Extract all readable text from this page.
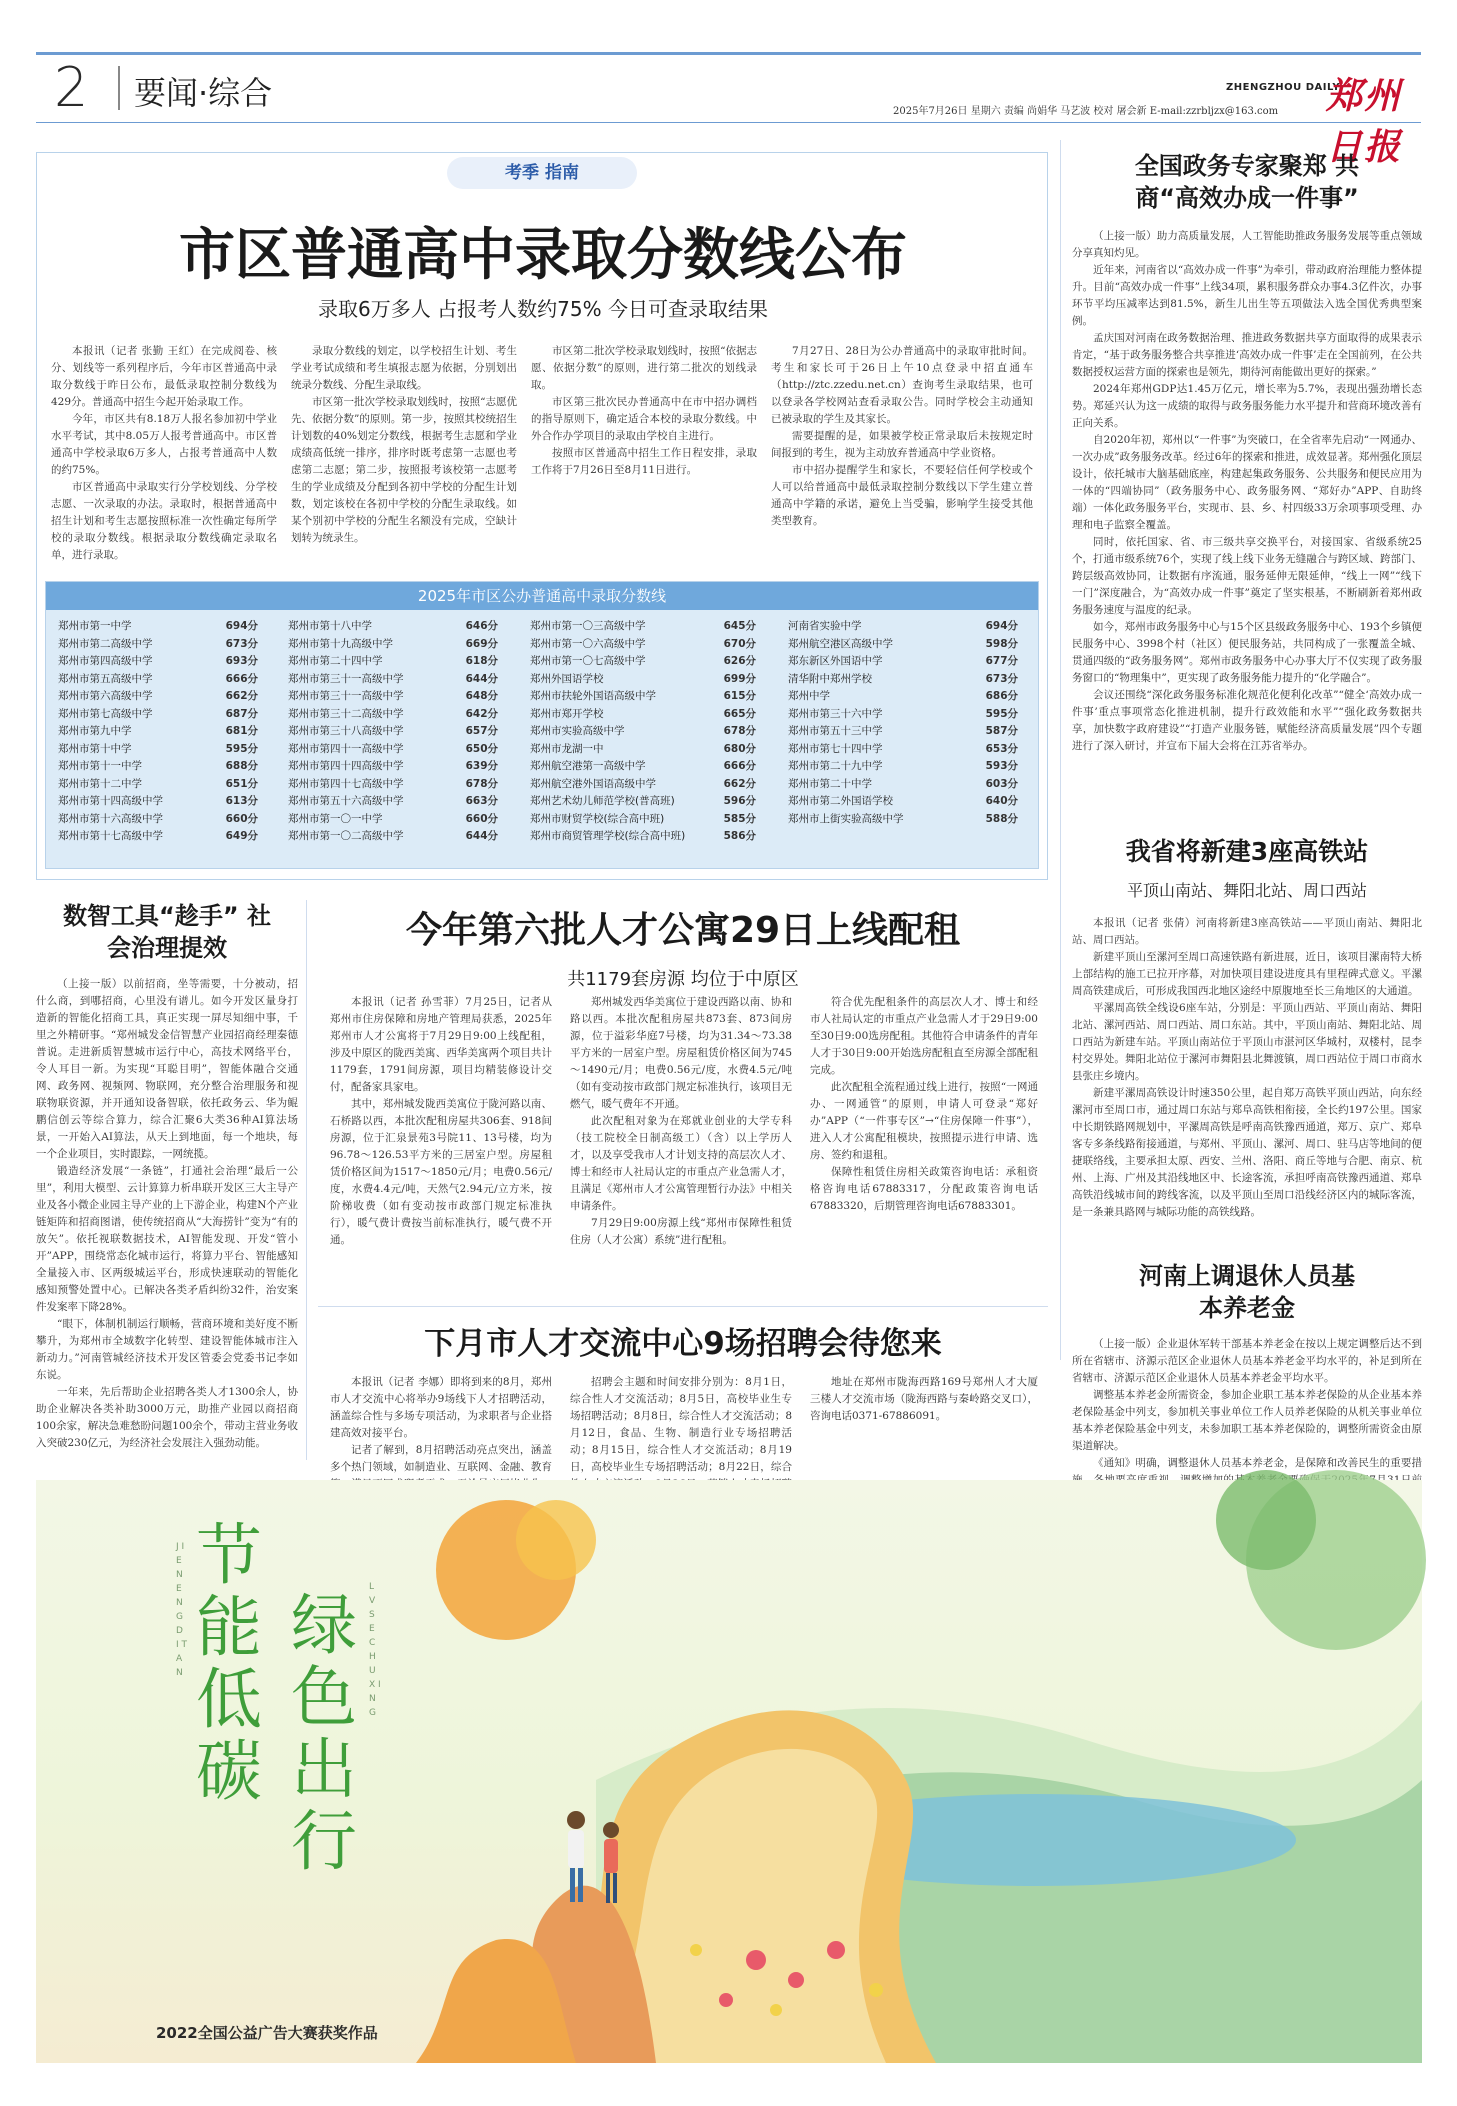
2 要闻·综合	2025年7月26日 星期六 责编 尚娟华 马艺波 校对 屠会新 E-mail:zzrbljzx@163.com
ZHENGZHOU DAILY
郑州日报
考季 指南
市区普通高中录取分数线公布
录取6万多人 占报考人数约75% 今日可查录取结果

本报讯（记者 张勤 王红）在完成阅卷、核分、划线等一系列程序后，今年市区普通高中录取分数线于昨日公布，最低录取控制分数线为429分。普通高中招生今起开始录取工作。

今年，市区共有8.18万人报名参加初中学业水平考试，其中8.05万人报考普通高中。市区普通高中学校录取6万多人，占报考普通高中人数的约75%。

市区普通高中录取实行分学校划线、分学校志愿、一次录取的办法。录取时，根据普通高中招生计划和考生志愿按照标准一次性确定每所学校的录取分数线。根据录取分数线确定录取名单，进行录取。

录取分数线的划定，以学校招生计划、考生学业考试成绩和考生填报志愿为依据，分别划出统录分数线、分配生录取线。

市区第一批次学校录取划线时，按照“志愿优先、依据分数”的原则。第一步，按照其校统招生计划数的40%划定分数线，根据考生志愿和学业成绩高低统一排序，排序时既考虑第一志愿也考虑第二志愿；第二步，按照报考该校第一志愿考生的学业成绩及分配到各初中学校的分配生计划数，划定该校在各初中学校的分配生录取线。如某个别初中学校的分配生名额没有完成，空缺计划转为统录生。

市区第二批次学校录取划线时，按照“依据志愿、依据分数”的原则，进行第二批次的划线录取。

市区第三批次民办普通高中在市中招办调档的指导原则下，确定适合本校的录取分数线。中外合作办学项目的录取由学校自主进行。

按照市区普通高中招生工作日程安排，录取工作将于7月26日至8月11日进行。

7月27日、28日为公办普通高中的录取审批时间。考生和家长可于26日上午10点登录中招直通车（http://ztc.zzedu.net.cn）查询考生录取结果，也可以登录各学校网站查看录取公告。同时学校会主动通知已被录取的学生及其家长。

需要提醒的是，如果被学校正常录取后未按规定时间报到的考生，视为主动放弃普通高中学业资格。

市中招办提醒学生和家长，不要轻信任何学校或个人可以给普通高中最低录取控制分数线以下学生建立普通高中学籍的承诺，避免上当受骗，影响学生接受其他类型教育。

2025年市区公办普通高中录取分数线
郑州市第一中学	694分
郑州市第二高级中学	673分
郑州市第四高级中学	693分
郑州市第五高级中学	666分
郑州市第六高级中学	662分
郑州市第七高级中学	687分
郑州市第九中学	681分
郑州市第十中学	595分
郑州市第十一中学	688分
郑州市第十二中学	651分
郑州市第十四高级中学	613分
郑州市第十六高级中学	660分
郑州市第十七高级中学	649分
郑州市第十八中学	646分
郑州市第十九高级中学	669分
郑州市第二十四中学	618分
郑州市第三十一高级中学	644分
郑州市第三十一高级中学	648分
郑州市第三十二高级中学	642分
郑州市第三十八高级中学	657分
郑州市第四十一高级中学	650分
郑州市第四十四高级中学	639分
郑州市第四十七高级中学	678分
郑州市第五十六高级中学	663分
郑州市第一〇一中学	660分
郑州市第一〇二高级中学	644分
郑州市第一〇三高级中学	645分
郑州市第一〇六高级中学	670分
郑州市第一〇七高级中学	626分
郑州外国语学校	699分
郑州市扶轮外国语高级中学	615分
郑州市郑开学校	665分
郑州市实验高级中学	678分
郑州市龙湖一中	680分
郑州航空港第一高级中学	666分
郑州航空港外国语高级中学	662分
郑州艺术幼儿师范学校(普高班)	596分
郑州市财贸学校(综合高中班)	585分
郑州市商贸管理学校(综合高中班)	586分
河南省实验中学	694分
郑州航空港区高级中学	598分
郑东新区外国语中学	677分
清华附中郑州学校	673分
郑州中学	686分
郑州市第三十六中学	595分
郑州市第五十三中学	587分
郑州市第七十四中学	653分
郑州市第二十九中学	593分
郑州市第二十中学	603分
郑州市第二外国语学校	640分
郑州市上街实验高级中学	588分
全国政务专家聚郑 共商“高效办成一件事”

（上接一版）助力高质量发展，人工智能助推政务服务发展等重点领域分享真知灼见。

近年来，河南省以“高效办成一件事”为牵引，带动政府治理能力整体提升。目前“高效办成一件事”上线34项，累积服务群众办事4.3亿件次，办事环节平均压减率达到81.5%，新生儿出生等五项做法入选全国优秀典型案例。

孟庆国对河南在政务数据治理、推进政务数据共享方面取得的成果表示肯定，“基于政务服务整合共享推进‘高效办成一件事’走在全国前列，在公共数据授权运营方面的探索也是领先，期待河南能做出更好的探索。”

2024年郑州GDP达1.45万亿元，增长率为5.7%，表现出强劲增长态势。郑延兴认为这一成绩的取得与政务服务能力水平提升和营商环境改善有正向关系。

自2020年初，郑州以“一件事”为突破口，在全省率先启动“一网通办、一次办成”政务服务改革。经过6年的探索和推进，成效显著。郑州强化顶层设计，依托城市大脑基础底座，构建起集政务服务、公共服务和便民应用为一体的“四端协同”（政务服务中心、政务服务网、“郑好办”APP、自助终端）一体化政务服务平台，实现市、县、乡、村四级33万余项事项受理、办理和电子监察全覆盖。

同时，依托国家、省、市三级共享交换平台，对接国家、省级系统25个，打通市级系统76个，实现了线上线下业务无缝融合与跨区域、跨部门、跨层级高效协同，让数据有序流通，服务延伸无限延伸，“线上一网”“线下一门”深度融合，为“高效办成一件事”奠定了坚实根基，不断刷新着郑州政务服务速度与温度的纪录。

如今，郑州市政务服务中心与15个区县级政务服务中心、193个乡镇便民服务中心、3998个村（社区）便民服务站，共同构成了一张覆盖全城、贯通四级的“政务服务网”。郑州市政务服务中心办事大厅不仅实现了政务服务窗口的“物理集中”，更实现了政务服务能力提升的“化学融合”。

会议还围绕“深化政务服务标准化规范化便利化改革”“健全‘高效办成一件事’重点事项常态化推进机制，提升行政效能和水平”“强化政务数据共享，加快数字政府建设”“打造产业服务链，赋能经济高质量发展”四个专题进行了深入研讨，并宣布下届大会将在江苏省举办。

我省将新建3座高铁站
平顶山南站、舞阳北站、周口西站

本报讯（记者 张倩）河南将新建3座高铁站——平顶山南站、舞阳北站、周口西站。

新建平顶山至漯河至周口高速铁路有新进展，近日，该项目漯南特大桥上部结构的施工已拉开序幕，对加快项目建设进度具有里程碑式意义。平漯周高铁建成后，可形成我国西北地区途经中原腹地至长三角地区的大通道。

平漯周高铁全线设6座车站，分别是：平顶山西站、平顶山南站、舞阳北站、漯河西站、周口西站、周口东站。其中，平顶山南站、舞阳北站、周口西站为新建车站。平顶山南站位于平顶山市湛河区华城村，双楼村，昆李村交界处。舞阳北站位于漯河市舞阳县北舞渡镇，周口西站位于周口市商水县张庄乡境内。

新建平漯周高铁设计时速350公里，起自郑万高铁平顶山西站，向东经漯河市至周口市，通过周口东站与郑阜高铁相衔接，全长约197公里。国家中长期铁路网规划中，平漯周高铁是呼南高铁豫西通道，郑万、京广、郑阜客专多条线路衔接通道，与郑州、平顶山、漯河、周口、驻马店等地间的便捷联络线，主要承担太原、西安、兰州、洛阳、商丘等地与合肥、南京、杭州、上海、广州及其沿线地区中、长途客流，承担呼南高铁豫西通道、郑阜高铁沿线城市间的跨线客流，以及平顶山至周口沿线经济区内的城际客流，是一条兼具路网与城际功能的高铁线路。

河南上调退休人员基本养老金

（上接一版）企业退休军转干部基本养老金在按以上规定调整后达不到所在省辖市、济源示范区企业退休人员基本养老金平均水平的，补足到所在省辖市、济源示范区企业退休人员基本养老金平均水平。

调整基本养老金所需资金，参加企业职工基本养老保险的从企业基本养老保险基金中列支，参加机关事业单位工作人员养老保险的从机关事业单位基本养老保险基金中列支，未参加职工基本养老保险的，调整所需资金由原渠道解决。

《通知》明确，调整退休人员基本养老金，是保障和改善民生的重要措

数智工具“趁手” 社会治理提效

（上接一版）以前招商，坐等需要，十分被动，招什么商，到哪招商，心里没有谱儿。如今开发区量身打造新的智能化招商工具，真正实现一屏尽知细中事，千里之外精研事。“郑州城发金信智慧产业园招商经理秦德普说。走进新质智慧城市运行中心，高技术网络平台，令人耳目一新。为实现“耳聪目明”，智能体融合交通网、政务网、视频网、物联网，充分整合治理服务和视联物联资源，并开通知设备智联，依托政务云、华为鲲鹏信创云等综合算力，综合汇聚6大类36种AI算法场景，一开始入AI算法，从天上到地面，每一个地块，每一个企业项目，实时跟踪，一网统揽。

锻造经济发展“一条链”，打通社会治理“最后一公里”，利用大模型、云计算算力析串联开发区三大主导产业及各小微企业园主导产业的上下游企业，构建N个产业链矩阵和招商图谱，使传统招商从“大海捞针”变为“有的放矢”。依托视联数据技术，AI智能发现、开发“管小开”APP，围绕常态化城市运行，将算力平台、智能感知全量接入市、区两级城运平台，形成快速联动的智能化感知预警处置中心。已解决各类矛盾纠纷32件，治安案件发案率下降28%。

“眼下，体制机制运行顺畅，营商环境和美好度不断攀升，为郑州市全域数字化转型、建设智能体城市注入新动力。”河南管城经济技术开发区管委会党委书记李如东说。

一年来，先后帮助企业招聘各类人才1300余人，协助企业解决各类补助3000万元，助推产业园以商招商100余家，解决急难愁盼问题100余个，带动主营业务收入突破230亿元，为经济社会发展注入强劲动能。

今年第六批人才公寓29日上线配租
共1179套房源 均位于中原区

本报讯（记者 孙雪菲）7月25日，记者从郑州市住房保障和房地产管理局获悉，2025年郑州市人才公寓将于7月29日9:00上线配租，涉及中原区的陇西美寓、西华美寓两个项目共计1179套，1791间房源，项目均精装修设计交付，配备家具家电。

其中，郑州城发陇西美寓位于陇河路以南、石桥路以西，本批次配租房屋共306套、918间房源，位于汇泉景苑3号院11、13号楼，均为96.78～126.53平方米的三居室户型。房屋租赁价格区间为1517～1850元/月；电费0.56元/度，水费4.4元/吨，天然气2.94元/立方米，按阶梯收费（如有变动按市政部门规定标准执行），暖气费计费按当前标准执行，暖气费不开通。

郑州城发西华美寓位于建设西路以南、协和路以西。本批次配租房屋共873套、873间房源，位于溢彩华庭7号楼，均为31.34～73.38平方米的一居室户型。房屋租赁价格区间为745～1490元/月；电费0.56元/度，水费4.5元/吨（如有变动按市政部门规定标准执行，该项目无燃气，暖气费年不开通。

此次配租对象为在郑就业创业的大学专科（技工院校全日制高级工）（含）以上学历人才，以及享受我市人才计划支持的高层次人才、博士和经市人社局认定的市重点产业急需人才，且满足《郑州市人才公寓管理暂行办法》中相关申请条件。

7月29日9:00房源上线“郑州市保障性租赁住房（人才公寓）系统”进行配租。

符合优先配租条件的高层次人才、博士和经市人社局认定的市重点产业急需人才于29日9:00至30日9:00选房配租。其他符合申请条件的青年人才于30日9:00开始选房配租直至房源全部配租完成。

此次配租全流程通过线上进行，按照“一网通办、一网通管”的原则，申请人可登录“郑好办”APP（“一件事专区”→“住房保障一件事”），进入人才公寓配租模块，按照提示进行申请、选房、签约和退租。

保障性租赁住房相关政策咨询电话：承租资格咨询电话67883317，分配政策咨询电话67883320，后期管理咨询电话67883301。

下月市人才交流中心9场招聘会待您来

本报讯（记者 李娜）即将到来的8月，郑州市人才交流中心将举办9场线下人才招聘活动，涵盖综合性与多场专项活动，为求职者与企业搭建高效对接平台。

记者了解到，8月招聘活动亮点突出，涵盖多个热门领域，如制造业、互联网、金融、教育

招聘会主题和时间安排分别为：8月1日，综合性人才交流活动；8月5日，高校毕业生专场招聘活动；8月8日，综合性人才交流活动；8月12日，食品、生物、制造行业专场招聘活动；8月15日，综合性人才交流活动；8月19日，高校毕业生专场招聘活动；8月22日，综合

地址在郑州市陇海西路169号郑州人才大厦三楼人才交流市场（陇海西路与秦岭路交叉口），咨询电话0371-67886091。

节能低碳
J I E N E N G D I T A N
绿色出行
L V S E C H U X I N G
2022全国公益广告大赛获奖作品
